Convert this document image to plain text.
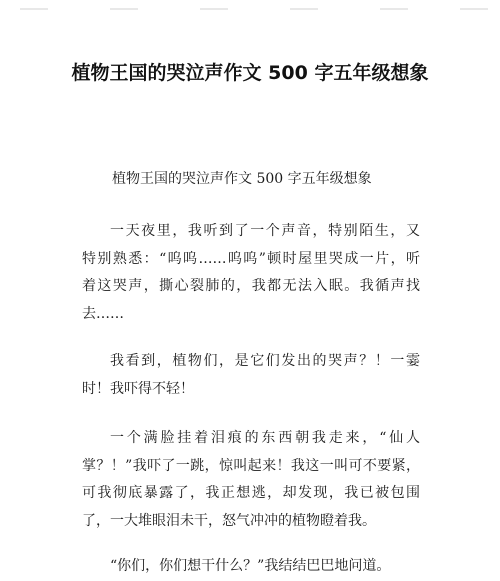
植物王国的哭泣声作文 500 字五年级想象
植物王国的哭泣声作文 500 字五年级想象
一天夜里，我听到了一个声音，特别陌生，又
特别熟悉：“呜呜……呜呜”顿时屋里哭成一片，听
着这哭声，撕心裂肺的，我都无法入眠。我循声找
去……
我看到，植物们，是它们发出的哭声？！一霎
时！我吓得不轻！
一个满脸挂着泪痕的东西朝我走来，“仙人
掌？！”我吓了一跳，惊叫起来！我这一叫可不要紧，
可我彻底暴露了，我正想逃，却发现，我已被包围
了，一大堆眼泪未干，怒气冲冲的植物瞪着我。
“你们，你们想干什么？”我结结巴巴地问道。
